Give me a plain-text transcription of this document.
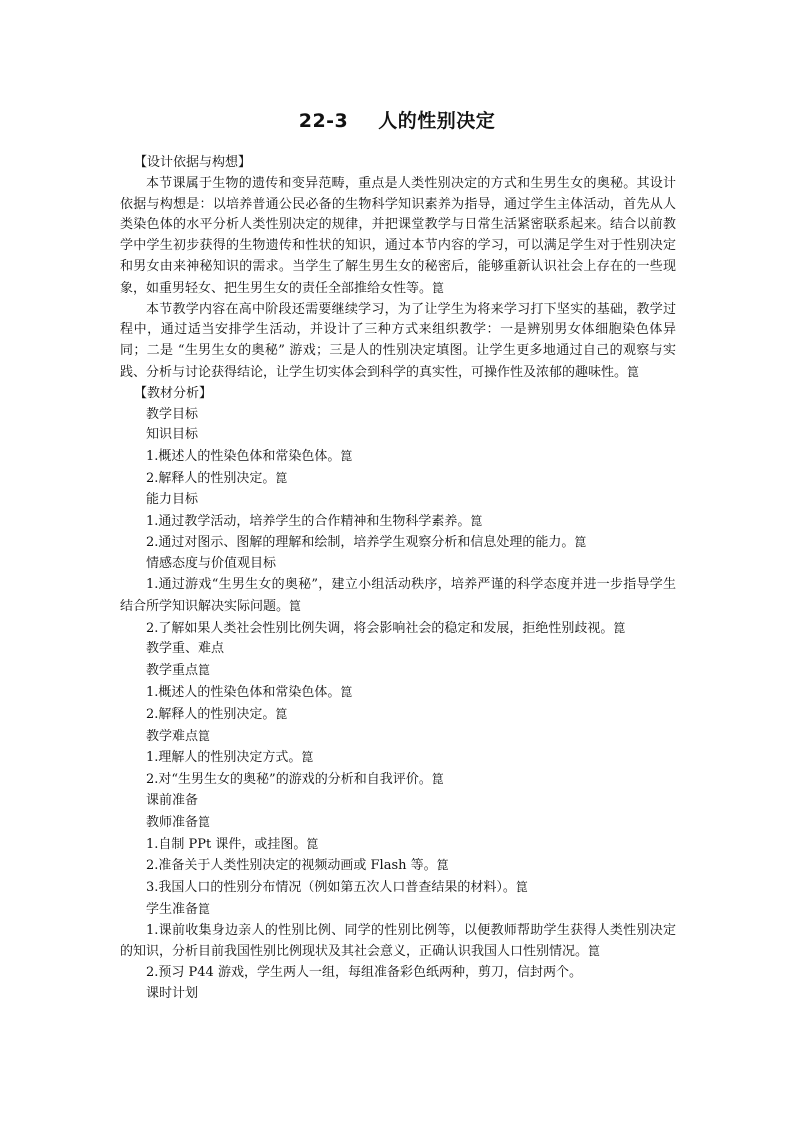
22-3 人的性别决定

【设计依据与构想】

本节课属于生物的遗传和变异范畴，重点是人类性别决定的方式和生男生女的奥秘。其设计依据与构想是：以培养普通公民必备的生物科学知识素养为指导，通过学生主体活动，首先从人类染色体的水平分析人类性别决定的规律，并把课堂教学与日常生活紧密联系起来。结合以前教学中学生初步获得的生物遗传和性状的知识，通过本节内容的学习，可以满足学生对于性别决定和男女由来神秘知识的需求。当学生了解生男生女的秘密后，能够重新认识社会上存在的一些现象，如重男轻女、把生男生女的责任全部推给女性等。箟

本节教学内容在高中阶段还需要继续学习，为了让学生为将来学习打下坚实的基础，教学过程中，通过适当安排学生活动，并设计了三种方式来组织教学：一是辨别男女体细胞染色体异同；二是 “生男生女的奥秘” 游戏；三是人的性别决定填图。让学生更多地通过自己的观察与实践、分析与讨论获得结论，让学生切实体会到科学的真实性，可操作性及浓郁的趣味性。箟

【教材分析】

教学目标

知识目标

1.概述人的性染色体和常染色体。箟

2.解释人的性别决定。箟

能力目标

1.通过教学活动，培养学生的合作精神和生物科学素养。箟

2.通过对图示、图解的理解和绘制，培养学生观察分析和信息处理的能力。箟

情感态度与价值观目标

1.通过游戏“生男生女的奥秘”，建立小组活动秩序，培养严谨的科学态度并进一步指导学生结合所学知识解决实际问题。箟

2.了解如果人类社会性别比例失调，将会影响社会的稳定和发展，拒绝性别歧视。箟

教学重、难点

教学重点箟

1.概述人的性染色体和常染色体。箟

2.解释人的性别决定。箟

教学难点箟

1.理解人的性别决定方式。箟

2.对“生男生女的奥秘”的游戏的分析和自我评价。箟

课前准备

教师准备箟

1.自制 PPt 课件，或挂图。箟

2.准备关于人类性别决定的视频动画或 Flash 等。箟

3.我国人口的性别分布情况（例如第五次人口普查结果的材料）。箟

学生准备箟

1.课前收集身边亲人的性别比例、同学的性别比例等，以便教师帮助学生获得人类性别决定的知识，分析目前我国性别比例现状及其社会意义，正确认识我国人口性别情况。箟

2.预习 P44 游戏，学生两人一组，每组准备彩色纸两种，剪刀，信封两个。

课时计划
